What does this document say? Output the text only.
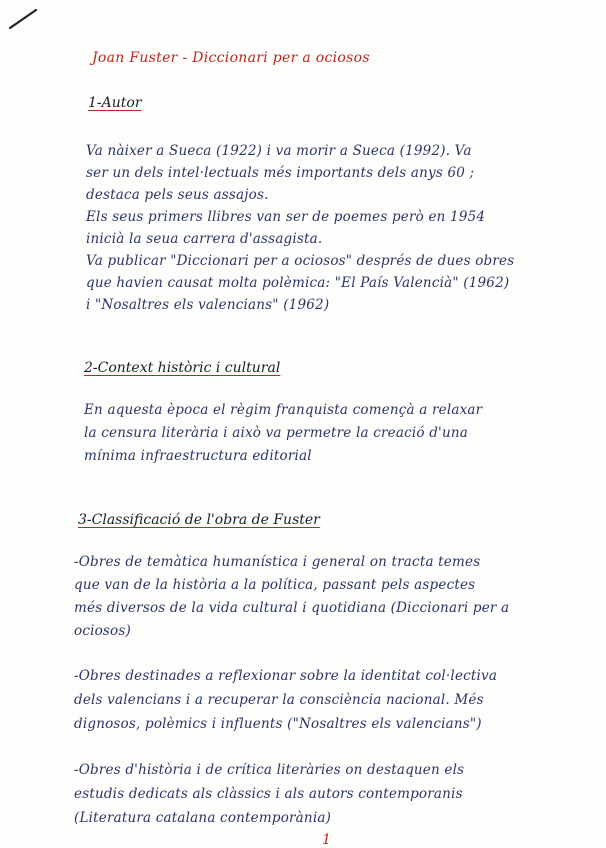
Joan Fuster - Diccionari per a ociosos
1-Autor
Va nàixer a Sueca (1922) i va morir a Sueca (1992). Va
ser un dels intel·lectuals més importants dels anys 60 ;
destaca pels seus assajos.
Els seus primers llibres van ser de poemes però en 1954
inicià la seua carrera d'assagista.
Va publicar "Diccionari per a ociosos" després de dues obres
que havien causat molta polèmica: "El País Valencià" (1962)
i "Nosaltres els valencians" (1962)
2-Context històric i cultural
En aquesta època el règim franquista començà a relaxar
la censura literària i això va permetre la creació d'una
mínima infraestructura editorial
3-Classificació de l'obra de Fuster
-Obres de temàtica humanística i general on tracta temes
que van de la història a la política, passant pels aspectes
més diversos de la vida cultural i quotidiana (Diccionari per a
ociosos)
-Obres destinades a reflexionar sobre la identitat col·lectiva
dels valencians i a recuperar la consciència nacional. Més
dignosos, polèmics i influents ("Nosaltres els valencians")
-Obres d'història i de crítica literàries on destaquen els
estudis dedicats als clàssics i als autors contemporanis
(Literatura catalana contemporània)
1
